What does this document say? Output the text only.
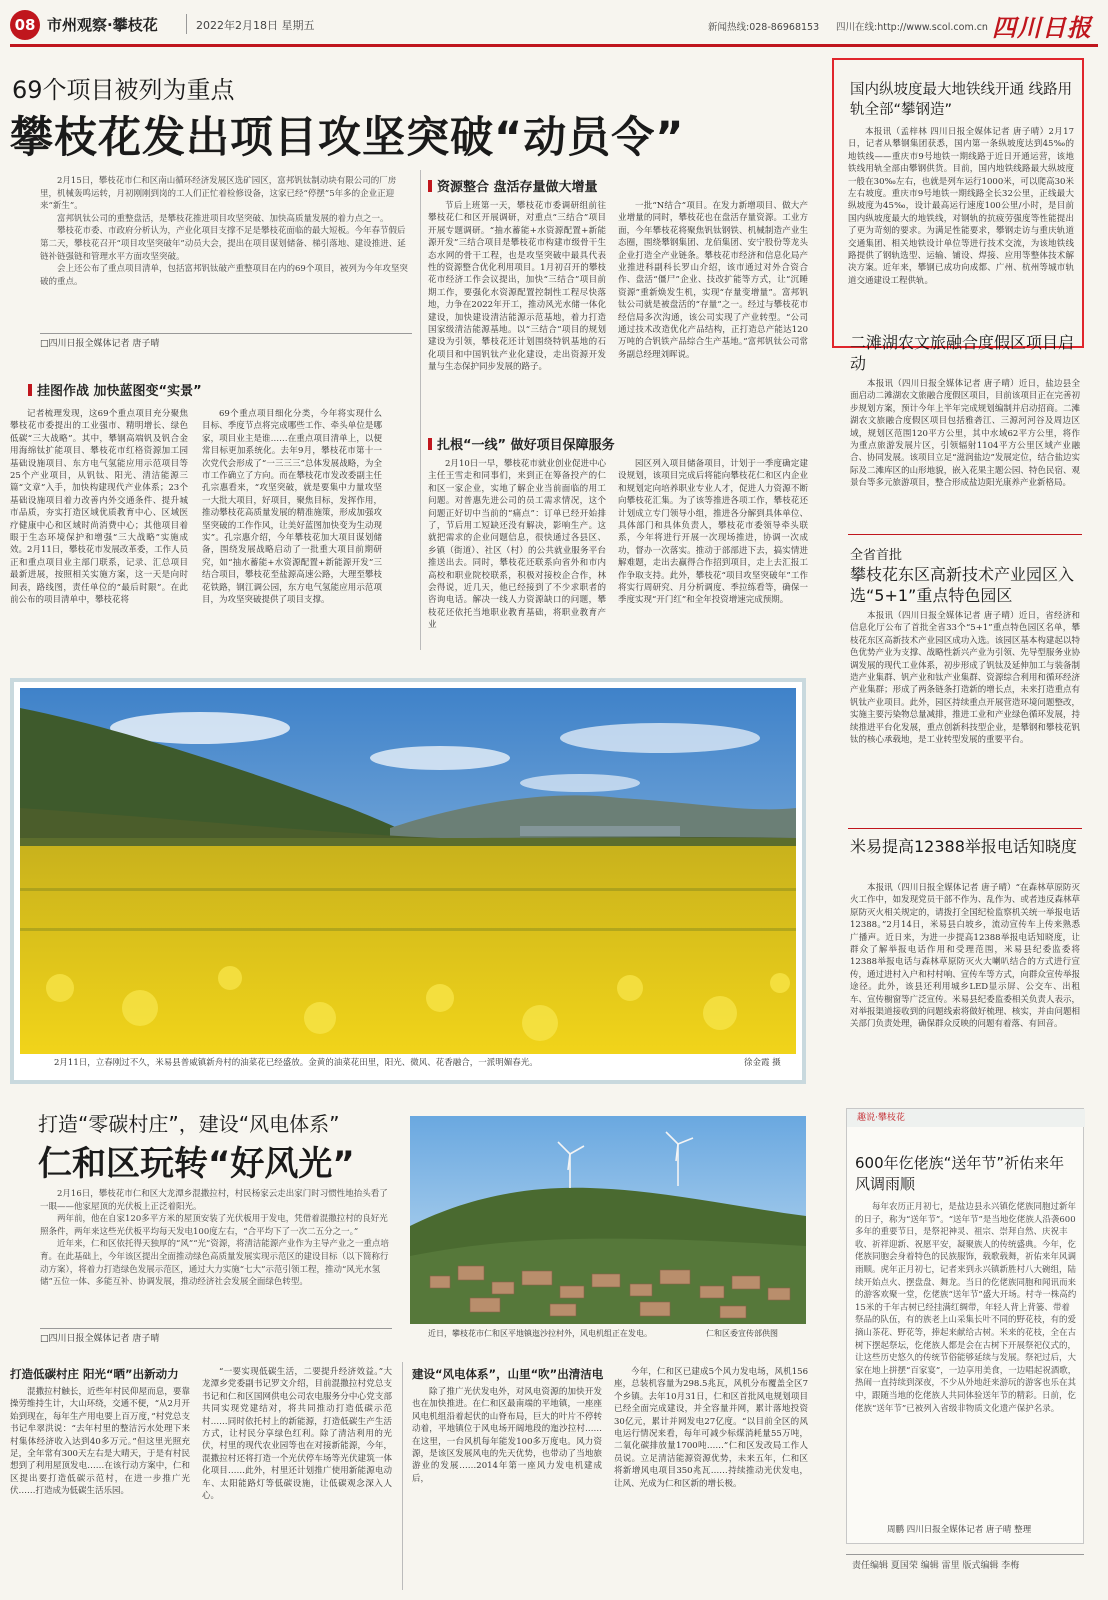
08 市州观察·攀枝花	2022年2月18日 星期五	新闻热线:028-86968153 四川在线:http://www.scol.com.cn 四川日报
69个项目被列为重点
攀枝花发出项目攻坚突破“动员令”

2月15日，攀枝花市仁和区南山循环经济发展区选矿园区，富邦钒钛制动块有限公司的厂房里，机械轰鸣运转，月初刚刚到岗的工人们正忙着检修设备，这家已经“停摆”5年多的企业正迎来“新生”。

富邦钒钛公司的重整盘活，是攀枝花推进项目攻坚突破、加快高质量发展的着力点之一。

攀枝花市委、市政府分析认为，产业化项目支撑不足是攀枝花面临的最大短板。今年春节假后第二天，攀枝花召开“项目攻坚突破年”动员大会，提出在项目谋划储备、梯引落地、建设推进、延链补链强链和管理水平方面攻坚突破。

会上还公布了重点项目清单，包括富邦钒钛破产重整项目在内的69个项目，被列为今年攻坚突破的重点。

□四川日报全媒体记者 唐子晴
挂图作战 加快蓝图变“实景”

记者梳理发现，这69个重点项目充分聚焦攀枝花市委提出的工业强市、精明增长、绿色低碳“三大战略”。其中，攀钢高端钒及钒合金用海绵钛扩能项目、攀枝花市红格资源加工园基础设施项目、东方电气氢能应用示范项目等25个产业项目，从钒钛、阳光、清洁能源三篇“文章”入手，加快构建现代产业体系；23个基础设施项目着力改善内外交通条件、提升城市品质，夯实打造区域优质教育中心、区域医疗健康中心和区域时尚消费中心；其他项目着眼于生态环境保护和增强“三大战略”实施成效。2月11日，攀枝花市发展改革委，工作人员正和重点项目业主部门联系，记录、汇总项目最新进展，按照相关实施方案，这一天是向时间表，路线图，责任单位的“最后时限”。在此前公布的项目清单中，攀枝花将

69个重点项目细化分类，今年将实现什么目标、季度节点将完成哪些工作、牵头单位是哪家，项目业主是谁……在重点项目清单上，以便常目标更加系统化。去年9月，攀枝花市第十一次党代会形成了“一三三三”总体发展战略，为全市工作确立了方向。而在攀枝花市发改委副主任孔宗惠看来，“攻坚突破，就是要集中力量攻坚一大批大项目，好项目，聚焦目标，发挥作用，推动攀枝花高质量发展的精准施策，形成加强攻坚突破的工作作风，让美好蓝图加快变为生动现实”。孔宗惠介绍，今年攀枝花加大项目谋划储备，围绕发展战略启动了一批重大项目前期研究，如“抽水蓄能+水资源配置+新能源开发”三结合项目，攀枝花至盐源高速公路，大理至攀枝花铁路，钢江调公园，东方电气氢能应用示范项目，为攻坚突破提供了项目支撑。

资源整合 盘活存量做大增量

节后上班第一天，攀枝花市委调研组前往攀枝花仁和区开展调研，对重点“三结合”项目开展专题调研。“抽水蓄能+水资源配置+新能源开发”三结合项目是攀枝花市构建市级骨干生态水网的骨干工程，也是攻坚突破中最具代表性的资源整合优化利用项目。1月初召开的攀枝花市经济工作会议提出，加快“三结合”项目前期工作，要强化水资源配置控制性工程尽快落地，力争在2022年开工，推动风光水储一体化建设，加快建设清洁能源示范基地，着力打造国家级清洁能源基地。以“三结合”项目的规划建设为引领，攀枝花还计划围绕特钒基地的石化项目和中国钒钛产业化建设，走出资源开发量与生态保护同步发展的路子。

一批“N结合”项目。在发力新增项目、做大产业增量的同时，攀枝花也在盘活存量资源。工业方面，今年攀枝花将聚焦钒钛钢铁、机械制造产业生态圈，围绕攀钢集团、龙佰集团、安宁股份等龙头企业打造全产业链条。攀枝花市经济和信息化局产业推进科副科长罗山介绍，该市通过对外合资合作、盘活“僵尸”企业、技改扩能等方式，让“沉睡资源”重新焕发生机，实现“存量变增量”。富邦钒钛公司就是被盘活的“存量”之一。经过与攀枝花市经信局多次沟通，该公司实现了产业转型。“公司通过技术改造优化产品结构，正打造总产能达120万吨的合钒铁产品综合生产基地。”富邦钒钛公司常务副总经理刘晖说。

扎根“一线” 做好项目保障服务

2月10日一早，攀枝花市就业创业促进中心主任王雪走和同事们，来到正在筹备投产的仁和区一家企业，实地了解企业当前面临的用工问题。对普惠先进公司的员工需求情况，这个问题正好切中当前的“痛点”：订单已经开始排了，节后用工短缺还没有解决，影响生产。这就把需求的企业问题信息，很快通过各县区、乡镇（街道）、社区（村）的公共就业服务平台推送出去。同时，攀枝花还联系向省外和市内高校和职业院校联系，积极对接校企合作，林会得说，近几天，他已经接到了不少求职者的咨询电话。解决一线人力资源缺口的问题，攀枝花还依托当地职业教育基础，将职业教育产业

园区列入项目储备项目，计划于一季度确定建设规划，该项目完成后将能向攀枝花仁和区内企业和规划定向培养职业专业人才，促进人力资源不断向攀枝花汇集。为了该等推进各项工作，攀枝花还计划成立专门领导小组，推进各分解到具体单位、具体部门和具体负责人，攀枝花市委领导牵头联系，今年将进行开展一次现场推进，协调一次成功，督办一次落实。推动于部部进下去，搞实情进解难题，走出去赢得合作招到项目，走上去汇报工作争取支持。此外，攀枝花“项目攻坚突破年”工作将实行周研究、月分析调度、季拉练看等，确保一季度实现“开门红”和全年投资增速完成预期。

2月11日，立春刚过不久，米易县普威镇新舟村的油菜花已经盛放。金黄的油菜花田里，阳光、微风、花香融合，一派明媚春光。	徐金霞 摄
打造“零碳村庄”，建设“风电体系”
仁和区玩转“好风光”

2月16日，攀枝花市仁和区大龙潭乡混撒拉村，村民杨家云走出家门时习惯性地抬头看了一眼——他家屋顶的光伏板上正泛着阳光。

两年前，他在自家120多平方米的屋顶安装了光伏板用于发电，凭借着混撒拉村的良好光照条件，两年来这些光伏板平均每天发电100度左右，“合平均下了一次二五分之一。”

近年来，仁和区依托得天独厚的“风”“光”资源，将清洁能源产业作为主导产业之一重点培育。在此基础上，今年该区提出全面推动绿色高质量发展实现示范区的建设目标（以下简称行动方案），将着力打造绿色发展示范区，通过大力实施“七大”示范引领工程，推动“风光水氢储”五位一体、多能互补、协调发展，推动经济社会发展全面绿色转型。

□四川日报全媒体记者 唐子晴
近日，攀枝花市仁和区平地镇迤沙拉村外，风电机组正在发电。	仁和区委宣传部供图
打造低碳村庄 阳光“晒”出新动力

混撒拉村触长，近些年村民仰屋而息，要靠操劳维持生计，大山环绕，交通不便，“从2月开始到现在，每年生产用电要上百万度，”村党总支书记牟翠洪说：“去年村里的整洁污水处理下来村集体经济收入达到40多万元。”但这里光照充足，全年常有300天左右是大晴天，于是有村民想到了利用屋顶发电……在该行动方案中，仁和区提出要打造低碳示范村，在进一步推广光伏……打造成为低碳生活乐园。

“一要实现低碳生活，二要提升经济效益。”大龙潭乡党委副书记罗文介绍，目前混撒拉村党总支书记和仁和区国网供电公司农电服务分中心党支部共同实现党建结对，将共同推动打造低碳示范村……同时依托村上的新能源，打造低碳生产生活方式，让村民分享绿色红利。除了清洁利用的光伏，村里的现代农业园等也在对接新能源，今年，混撒拉村还将打造一个光伏停车场等光伏建筑一体化项目……此外，村里还计划推广使用新能源电动车、太阳能路灯等低碳设施，让低碳观念深入人心。

建设“风电体系”，山里“吹”出清洁电

除了推广光伏发电外，对风电资源的加快开发也在加快推进。在仁和区最南端的平地镇，一座座风电机组沿着起伏的山脊布局，巨大的叶片不停转动着，平地镇位于风电场开阔地段的迤沙拉村……在这里，一台风机每年能发100多万度电。风力资源，是该区发展风电的先天优势，也带动了当地旅游业的发展……2014年第一座风力发电机建成后，

今年，仁和区已建成5个风力发电场，风机156座，总装机容量为298.5兆瓦，风机分布覆盖全区7个乡镇。去年10月31日，仁和区首批风电规划项目已经全面完成建设，并全容量并网，累计落地投资30亿元，累计并网发电27亿度。“以目前全区的风电运行情况来看，每年可减少标煤消耗量55万吨，二氧化碳排放量1700吨……”仁和区发改局工作人员说。立足清洁能源资源优势，未来五年，仁和区将新增风电项目350兆瓦……持续推动光伏发电，让风、光成为仁和区新的增长极。

国内纵坡度最大地铁线开通 线路用轨全部“攀钢造”

本报讯（孟梓林 四川日报全媒体记者 唐子晴）2月17日，记者从攀钢集团获悉，国内第一条纵坡度达到45‰的地铁线——重庆市9号地铁一期线路于近日开通运营，该地铁线用轨全部由攀钢供货。目前，国内地铁线路最大纵坡度一般在30‰左右，也就是列车运行1000米，可以爬高30米左右坡度。重庆市9号地铁一期线路全长32公里，正线最大纵坡度为45‰，设计最高运行速度100公里/小时，是目前国内纵坡度最大的地铁线，对钢轨的抗疲劳强度等性能提出了更为苛刻的要求。为满足性能要求，攀钢走访与重庆轨道交通集团、相关地铁设计单位等进行技术交流，为该地铁线路提供了钢轨选型、运输、铺设、焊接、应用等整体技术解决方案。近年来，攀钢已成功向成都、广州、杭州等城市轨道交通建设工程供轨。

二滩湖农文旅融合度假区项目启动

本报讯（四川日报全媒体记者 唐子晴）近日，盐边县全面启动二滩湖农文旅融合度假区项目，目前该项目正在完善初步规划方案，预计今年上半年完成规划编制并启动招商。二滩湖农文旅融合度假区项目包括雅砻江、三源河河谷及周边区域，规划区范围120平方公里，其中水域62平方公里，将作为重点旅游发展片区，引领辐射1104平方公里区域产业融合、协同发展。该项目立足“滋润盐边”发展定位，结合盐边实际及二滩库区的山形地貌，嵌入花果主题公园、特色民宿、观景台等多元旅游项目，整合形成盐边阳光康养产业新格局。

全省首批
攀枝花东区高新技术产业园区入选“5+1”重点特色园区

本报讯（四川日报全媒体记者 唐子晴）近日，省经济和信息化厅公布了首批全省33个“5+1”重点特色园区名单，攀枝花东区高新技术产业园区成功入选。该园区基本构建起以特色优势产业为支撑、战略性新兴产业为引领、先导型服务业协调发展的现代工业体系，初步形成了钒钛及延伸加工与装备制造产业集群、钒产业和钛产业集群、资源综合利用和循环经济产业集群；形成了两条链条打造新的增长点，未来打造重点有钒钛产业项目。此外，园区持续重点开展营造环境问题整改，实施主要污染物总量减排，推进工业和产业绿色循环发展，持续推进平台化发展，重点创新科技型企业，是攀钢和攀枝花钒钛的核心承载地，是工业转型发展的重要平台。

米易提高12388举报电话知晓度

本报讯（四川日报全媒体记者 唐子晴）“在森林草原防灭火工作中，如发现党员干部不作为、乱作为、或者违反森林草原防灭火相关规定的，请拨打全国纪检监察机关统一举报电话12388。”2月14日，米易县白坡乡，流动宣传车上传来熟悉广播声。近日来，为进一步提高12388举报电话知晓度，让群众了解举报电话作用和受理范围，米易县纪委监委将12388举报电话与森林草原防灭火大喇叭结合的方式进行宣传，通过进村入户和村村响、宣传车等方式，向群众宣传举报途径。此外，该县还利用城乡LED显示屏、公交车、出租车、宣传橱窗等广泛宣传。米易县纪委监委相关负责人表示，对举报渠道接收到的问题线索将做好梳理、核实，并由问题相关部门负责处理，确保群众反映的问题有着落、有回音。

趣说·攀枝花
600年仡佬族“送年节”祈佑来年风调雨顺

每年农历正月初七，是盐边县永兴镇仡佬族同胞过新年的日子，称为“送年节”。“送年节”是当地仡佬族人沿袭600多年的重要节日，是祭祀神灵、祖宗、崇拜自然、庆祝丰收、祈祥迎新、祝愿平安，凝聚族人的传统盛典。今年，仡佬族同胞会身着特色的民族服饰，载歌载舞，祈佑来年风调雨顺。虎年正月初七，记者来到永兴镇新胜村八大碗组，陆续开始点火、摆盘盘、舞龙。当日的仡佬族同胞和闻讯而来的游客欢聚一堂，仡佬族“送年节”盛大开场。村寺一株高约15米的千年古树已经挂满红绸带，年轻人背上背篓、带着祭品的队伍，有的族老上山采集长叶不同的野花枝，有的爱摘山茶花、野花等，捧起来献给古树。米来的花枝，全在古树下摆起祭坛，仡佬族人都是会在古树下开展祭祀仪式的，让这些历史悠久的传统节俗能够延续与发展。祭祀过后，大家在地上拼摆“百家宴”，一边享用美食，一边唱起祝酒歌，热闹一直持续到深夜，不少从外地赶来游玩的游客也乐在其中，跟随当地的仡佬族人共同体验送年节的精彩。日前，仡佬族“送年节”已被列入省级非物质文化遗产保护名录。

周鹏 四川日报全媒体记者 唐子晴 整理
责任编辑 夏国荣 编辑 雷里 版式编辑 李梅
